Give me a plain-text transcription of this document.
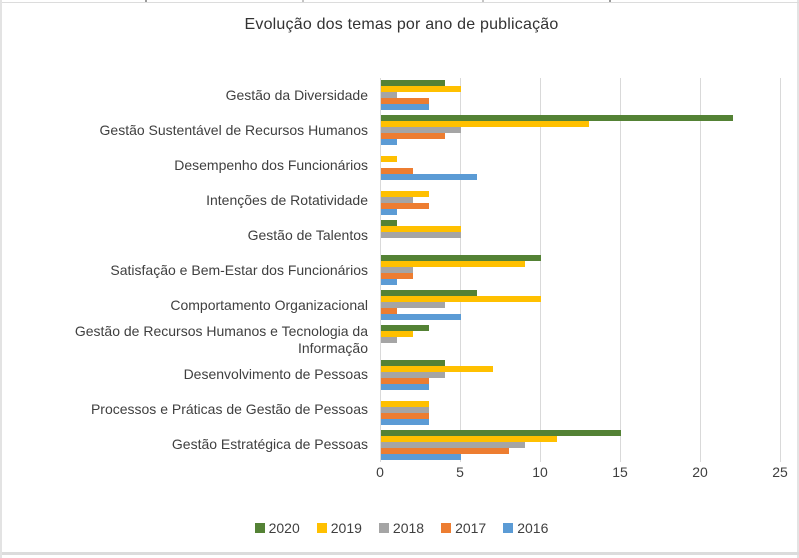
Evolução dos temas por ano de publicação
Gestão da Diversidade
Gestão Sustentável de Recursos Humanos
Desempenho dos Funcionários
Intenções de Rotatividade
Gestão de Talentos
Satisfação e Bem-Estar dos Funcionários
Comportamento Organizacional
Gestão de Recursos Humanos e Tecnologia da Informação
Desenvolvimento de Pessoas
Processos e Práticas de Gestão de Pessoas
Gestão Estratégica de Pessoas
0	5	10	15	20	25
2020 2019 2018 2017 2016
